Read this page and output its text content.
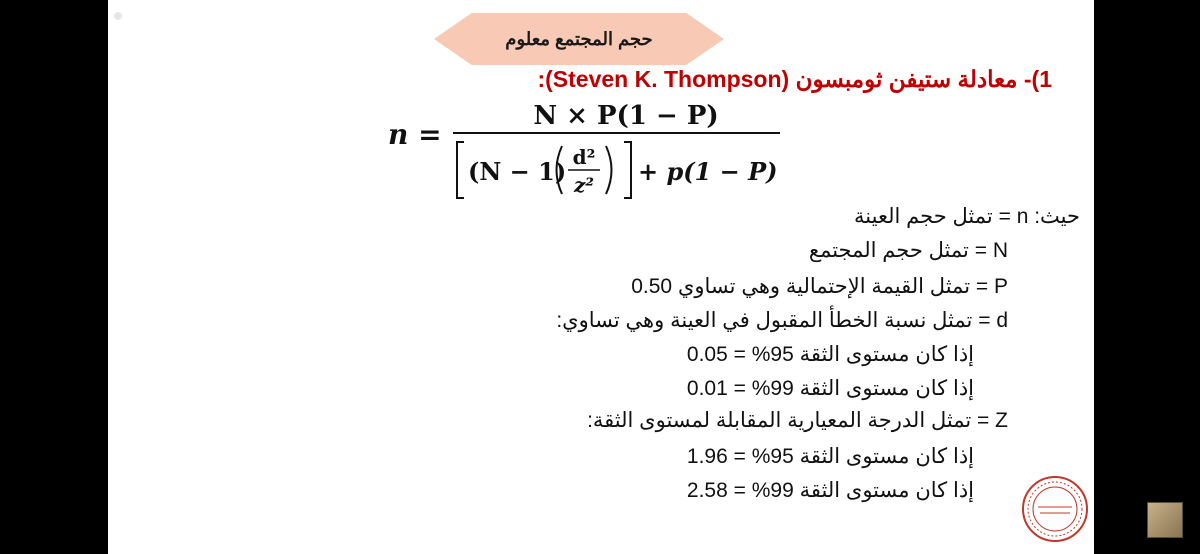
حجم المجتمع معلوم
1)- معادلة ستيفن ثومبسون (Steven K. Thompson):
n =
N × P(1 − P)
(N − 1) d²
z² + p(1 − P)
حيث: n = تمثل حجم العينة
N = تمثل حجم المجتمع
P = تمثل القيمة الإحتمالية وهي تساوي 0.50
d = تمثل نسبة الخطأ المقبول في العينة وهي تساوي:
إذا كان مستوى الثقة 95% = 0.05
إذا كان مستوى الثقة 99% = 0.01
Z = تمثل الدرجة المعيارية المقابلة لمستوى الثقة:
إذا كان مستوى الثقة 95% = 1.96
إذا كان مستوى الثقة 99% = 2.58
